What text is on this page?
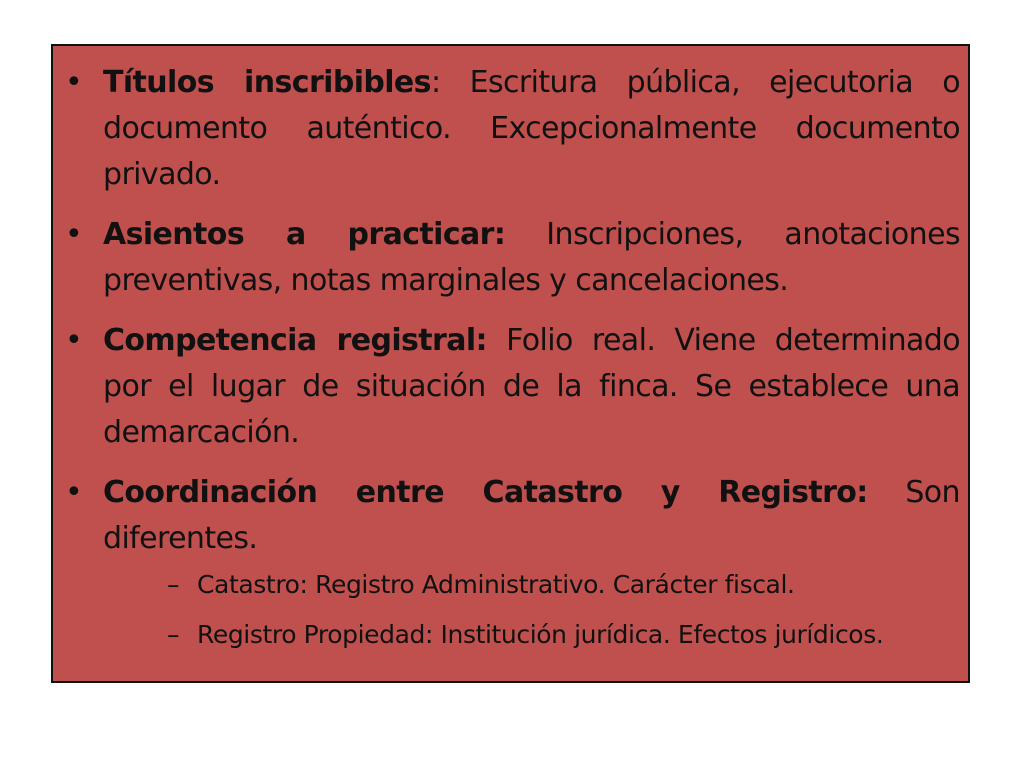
• Títulos inscribibles: Escritura pública, ejecutoria o documento auténtico. Excepcionalmente documento privado.
• Asientos a practicar: Inscripciones, anotaciones preventivas, notas marginales y cancelaciones.
• Competencia registral: Folio real. Viene determinado por el lugar de situación de la finca. Se establece una demarcación.
• Coordinación entre Catastro y Registro: Son diferentes.
– Catastro: Registro Administrativo. Carácter fiscal.
– Registro Propiedad: Institución jurídica. Efectos jurídicos.
